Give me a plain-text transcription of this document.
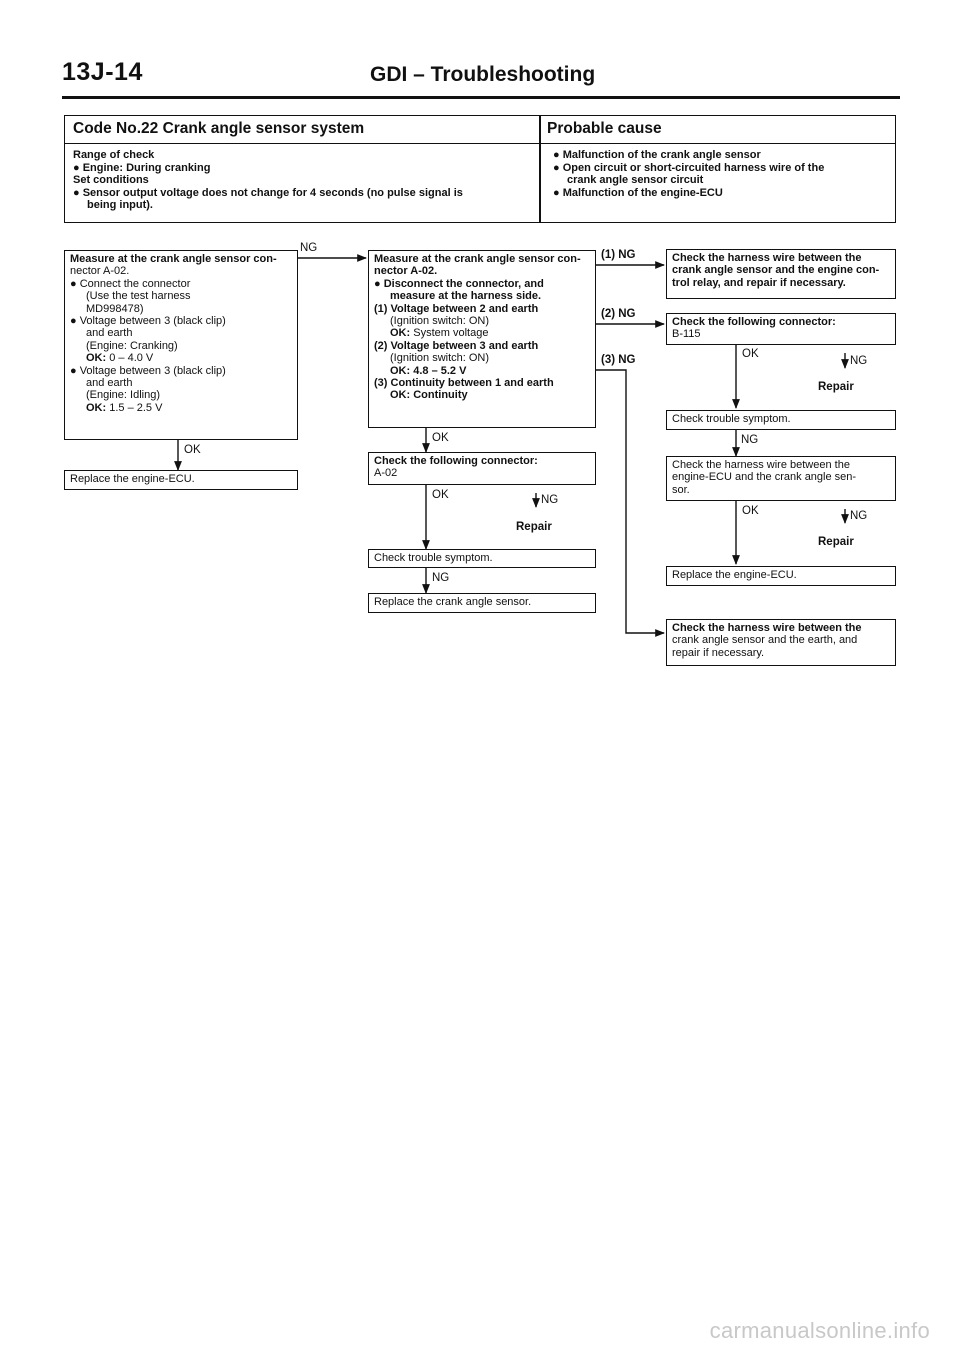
13J-14	GDI – Troubleshooting
Code No.22 Crank angle sensor system	Probable cause
Range of check
● Engine: During cranking
Set conditions
● Sensor output voltage does not change for 4 seconds (no pulse signal is
being input).
● Malfunction of the crank angle sensor
● Open circuit or short-circuited harness wire of the
crank angle sensor circuit
● Malfunction of the engine-ECU
Measure at the crank angle sensor con-
nector A-02.
● Connect the connector
(Use the test harness
MD998478)
● Voltage between 3 (black clip)
and earth
(Engine: Cranking)
OK: 0 – 4.0 V
● Voltage between 3 (black clip)
and earth
(Engine: Idling)
OK: 1.5 – 2.5 V
NG
OK
Replace the engine-ECU.
Measure at the crank angle sensor con-
nector A-02.
● Disconnect the connector, and
measure at the harness side.
(1) Voltage between 2 and earth
(Ignition switch: ON)
OK: System voltage
(2) Voltage between 3 and earth
(Ignition switch: ON)
OK: 4.8 – 5.2 V
(3) Continuity between 1 and earth
OK: Continuity
OK
Check the following connector:
A-02
OK	NG
Repair
Check trouble symptom.
NG
Replace the crank angle sensor.
(1) NG
(2) NG
(3) NG
Check the harness wire between the
crank angle sensor and the engine con-
trol relay, and repair if necessary.
Check the following connector:
B-115
OK
NG
Repair
Check trouble symptom.
NG
Check the harness wire between the
engine-ECU and the crank angle sen-
sor.
OK	NG
Repair
Replace the engine-ECU.
Check the harness wire between the
crank angle sensor and the earth, and
repair if necessary.
carmanualsonline.info
